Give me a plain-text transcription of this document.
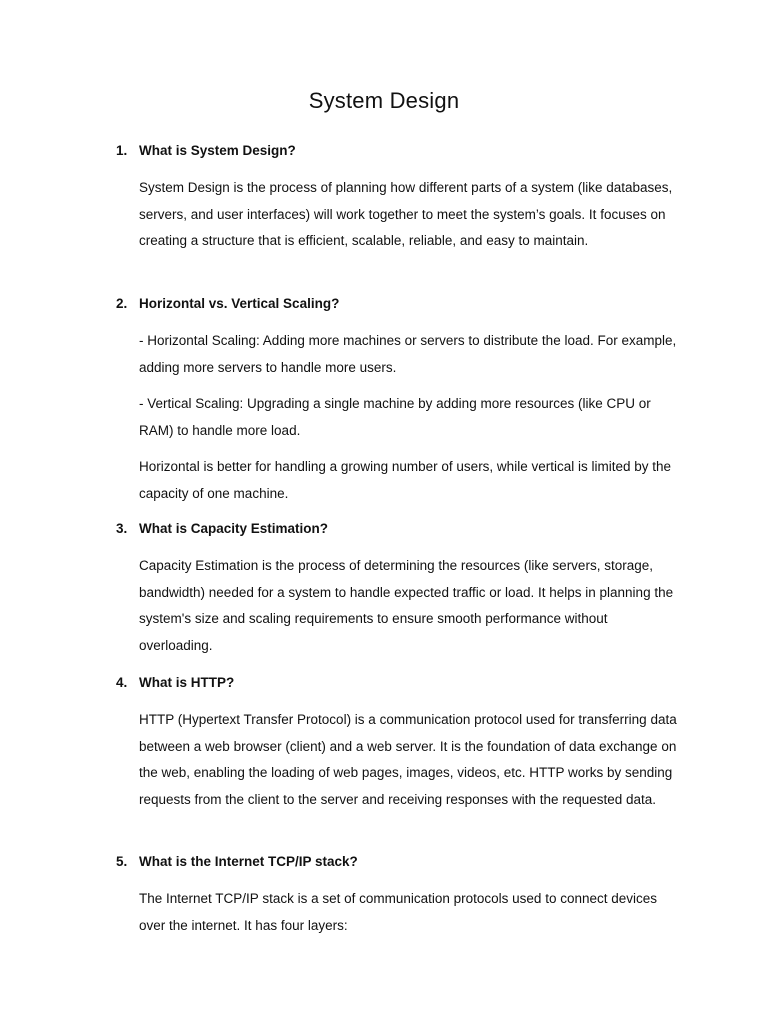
System Design
1. What is System Design?

System Design is the process of planning how different parts of a system (like databases, servers, and user interfaces) will work together to meet the system’s goals. It focuses on creating a structure that is efficient, scalable, reliable, and easy to maintain.

2. Horizontal vs. Vertical Scaling?

- Horizontal Scaling: Adding more machines or servers to distribute the load. For example, adding more servers to handle more users.

- Vertical Scaling: Upgrading a single machine by adding more resources (like CPU or RAM) to handle more load.

Horizontal is better for handling a growing number of users, while vertical is limited by the capacity of one machine.

3. What is Capacity Estimation?

Capacity Estimation is the process of determining the resources (like servers, storage, bandwidth) needed for a system to handle expected traffic or load. It helps in planning the system's size and scaling requirements to ensure smooth performance without overloading.

4. What is HTTP?

HTTP (Hypertext Transfer Protocol) is a communication protocol used for transferring data between a web browser (client) and a web server. It is the foundation of data exchange on the web, enabling the loading of web pages, images, videos, etc. HTTP works by sending requests from the client to the server and receiving responses with the requested data.

5. What is the Internet TCP/IP stack?

The Internet TCP/IP stack is a set of communication protocols used to connect devices over the internet. It has four layers:
